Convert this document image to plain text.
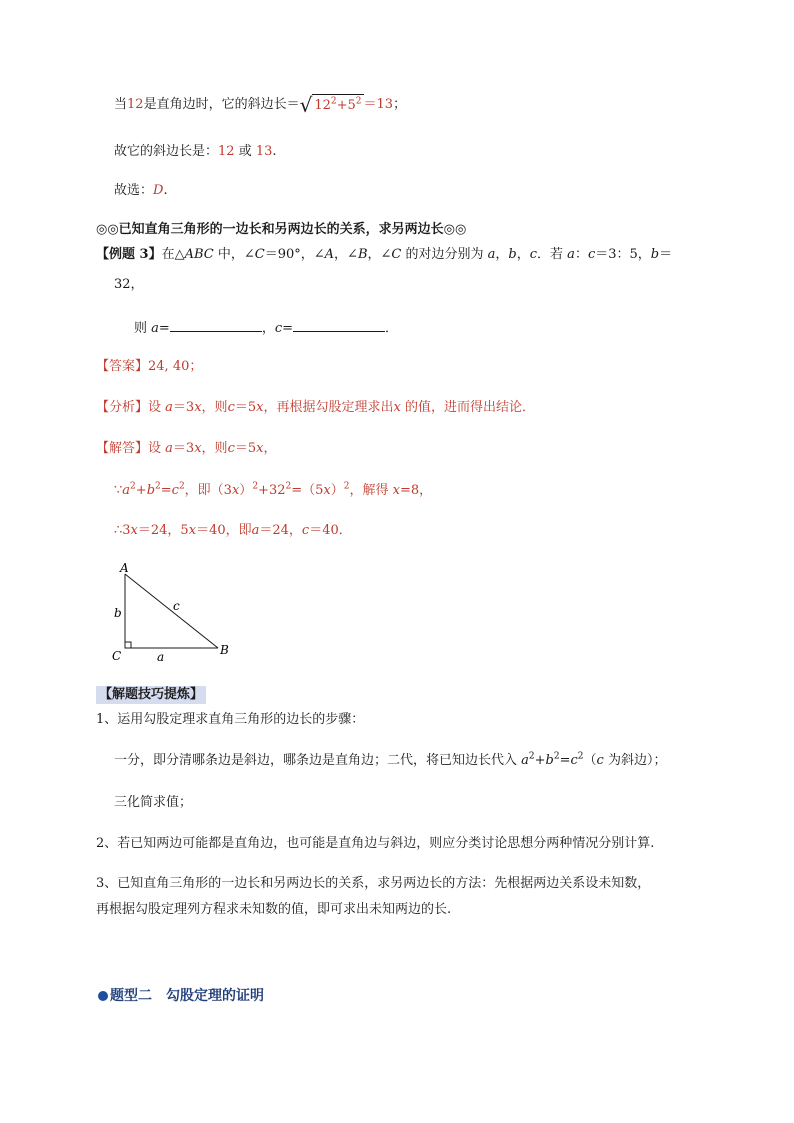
当12是直角边时，它的斜边长＝√ $12^2+5^2 =13$；
故它的斜边长是：12 或 13.
故选：D.
◎◎已知直角三角形的一边长和另两边长的关系，求另两边长◎◎
【例题 3】在△ABC 中，∠C＝90°，∠A，∠B，∠C 的对边分别为 a，b，c．若 a：c＝3：5，b＝
32，
则 a=	，c=	．
【答案】24, 40；
【分析】设 a＝3x，则c＝5x，再根据勾股定理求出x 的值，进而得出结论．
【解答】设 a＝3x，则c＝5x，
$\because a^2+b^2=c^2$，即$(3x)^2+32^2=(5x)^2$，解得 x=8，
∴3x＝24，5x＝40，即a＝24，c＝40．
A
B
C	a
b	c
【解题技巧提炼】
1、运用勾股定理求直角三角形的边长的步骤：
一分，即分清哪条边是斜边，哪条边是直角边；二代，将已知边长代入 $a^2+b^2=c^2(c$ 为斜边）；
三化简求值；
2、若已知两边可能都是直角边，也可能是直角边与斜边，则应分类讨论思想分两种情况分别计算.
3、已知直角三角形的一边长和另两边长的关系，求另两边长的方法：先根据两边关系设未知数，
再根据勾股定理列方程求未知数的值，即可求出未知两边的长.
题型二　勾股定理的证明
